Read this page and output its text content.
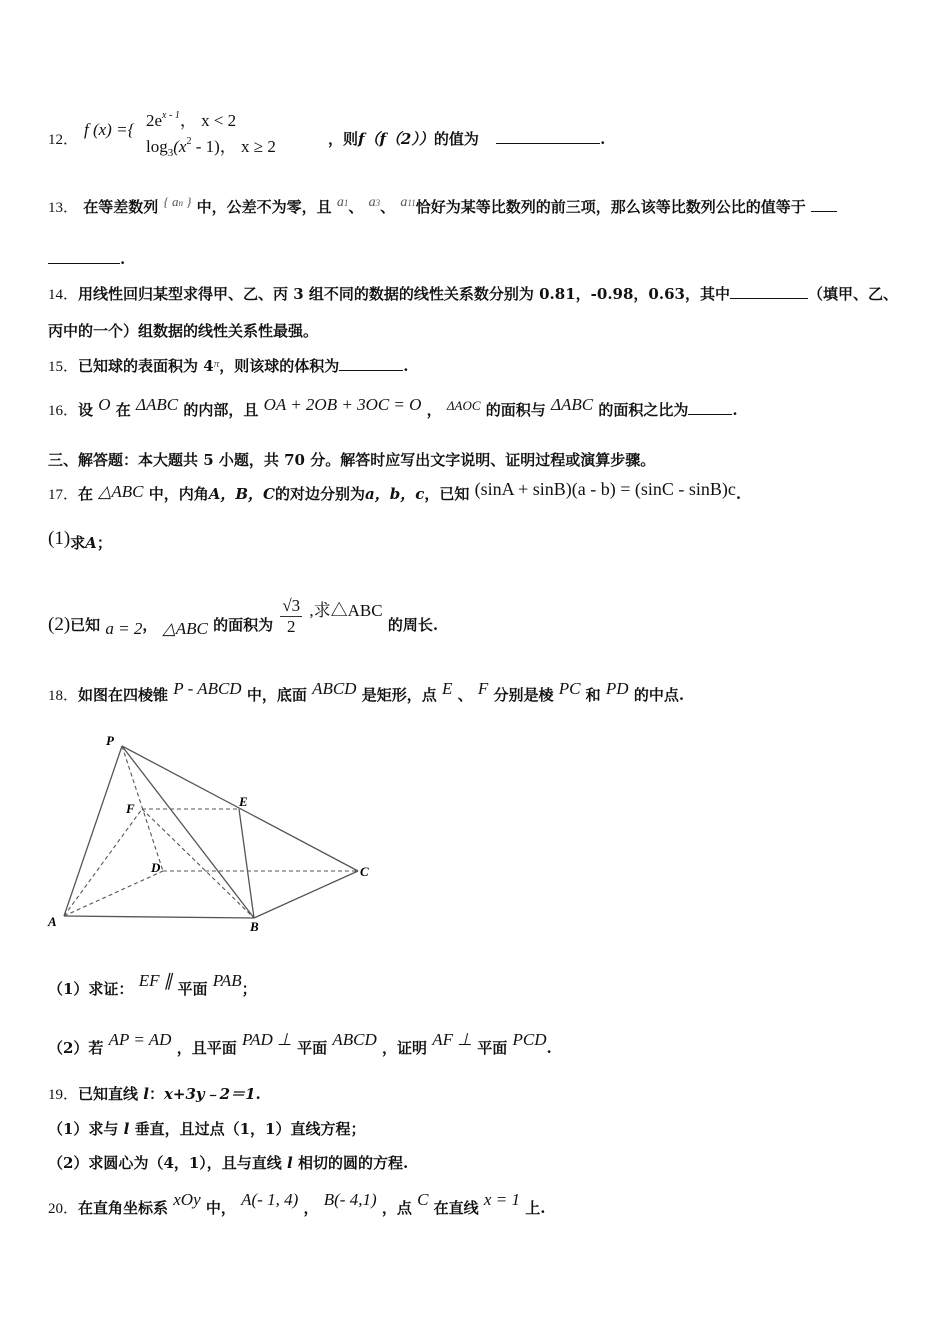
12．
f (x) ={ $2e^{x - 1}$， x < 2
$\log_3(x^2 - 1)$， x ≥ 2	，则f（f（2））的值为	.
13． 在等差数列 { an } 中，公差不为零，且 a1、 a3、 a11恰好为某等比数列的前三项，那么该等比数列公比的值等于
.
14．用线性回归某型求得甲、乙、丙 3 组不同的数据的线性关系数分别为 0.81，-0.98，0.63，其中	（填甲、乙、
丙中的一个）组数据的线性关系性最强。
15．已知球的表面积为 $4^\pi$，则该球的体积为	.
16．设 O 在 ΔABC 的内部，且 OA + 2OB + 3OC = O ， ΔAOC 的面积与 ΔABC 的面积之比为	.
三、解答题：本大题共 5 小题，共 70 分。解答时应写出文字说明、证明过程或演算步骤。
17．在 △ABC 中，内角A，B，C的对边分别为a，b，c，已知 (sinA + sinB)(a - b) = (sinC - sinB)c.
(1)求A；
(2)已知 a = 2， △ABC 的面积为 $\frac{√3}{2}$ ,求△ABC 的周长.
18．如图在四棱锥 P - ABCD 中，底面 ABCD 是矩形，点 E 、 F 分别是棱 PC 和 PD 的中点.
P
F	E
D	C
A	B
（1）求证： EF ∥ 平面 PAB；
（2）若 AP = AD ，且平面 PAD ⊥ 平面 ABCD ，证明 AF ⊥ 平面 PCD.
19．已知直线 l：x+3y﹣2＝1.
（1）求与 l 垂直，且过点（1，1）直线方程；
（2）求圆心为（4，1），且与直线 l 相切的圆的方程.
20．在直角坐标系 xOy 中， A(- 1, 4) ， B(- 4,1) ，点 C 在直线 x = 1 上.
